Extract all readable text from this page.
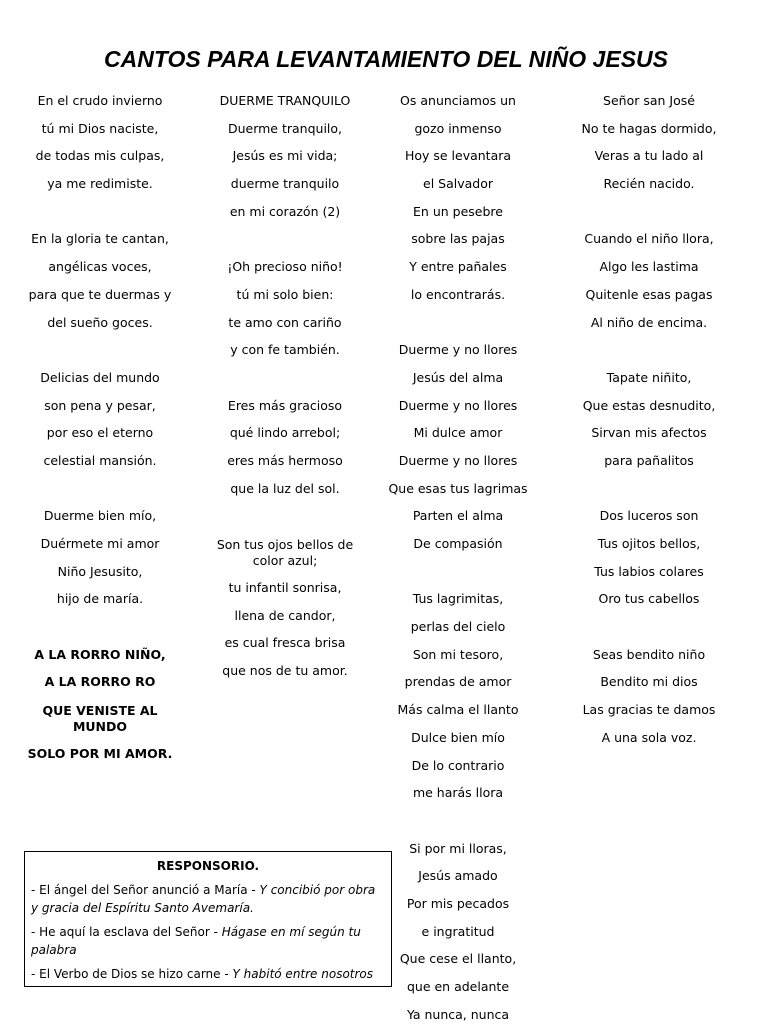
CANTOS PARA LEVANTAMIENTO DEL NIÑO JESUS
En el crudo invierno
tú mi Dios naciste,
de todas mis culpas,
ya me redimiste.
En la gloria te cantan,
angélicas voces,
para que te duermas y
del sueño goces.
Delicias del mundo
son pena y pesar,
por eso el eterno
celestial mansión.
Duerme bien mío,
Duérmete mi amor
Niño Jesusito,
hijo de maría.
A LA RORRO NIÑO,
A LA RORRO RO
QUE VENISTE AL MUNDO
SOLO POR MI AMOR.
DUERME TRANQUILO
Duerme tranquilo,
Jesús es mi vida;
duerme tranquilo
en mi corazón (2)
¡Oh precioso niño!
tú mi solo bien:
te amo con cariño
y con fe también.
Eres más gracioso
qué lindo arrebol;
eres más hermoso
que la luz del sol.
Son tus ojos bellos de color azul;
tu infantil sonrisa,
llena de candor,
es cual fresca brisa
que nos de tu amor.
Os anunciamos un
gozo inmenso
Hoy se levantara
el Salvador
En un pesebre
sobre las pajas
Y entre pañales
lo encontrarás.
Duerme y no llores
Jesús del alma
Duerme y no llores
Mi dulce amor
Duerme y no llores
Que esas tus lagrimas
Parten el alma
De compasión
Tus lagrimitas,
perlas del cielo
Son mi tesoro,
prendas de amor
Más calma el llanto
Dulce bien mío
De lo contrario
me harás llora
Si por mi lloras,
Jesús amado
Por mis pecados
e ingratitud
Que cese el llanto,
que en adelante
Ya nunca, nunca
Señor san José
No te hagas dormido,
Veras a tu lado al
Recién nacido.
Cuando el niño llora,
Algo les lastima
Quitenle esas pagas
Al niño de encima.
Tapate niñito,
Que estas desnudito,
Sirvan mis afectos
para pañalitos
Dos luceros son
Tus ojitos bellos,
Tus labios colares
Oro tus cabellos
Seas bendito niño
Bendito mi dios
Las gracias te damos
A una sola voz.
RESPONSORIO.

- El ángel del Señor anunció a María - Y concibió por obra y gracia del Espíritu Santo Avemaría.

- He aquí la esclava del Señor - Hágase en mí según tu palabra

- El Verbo de Dios se hizo carne - Y habitó entre nosotros
